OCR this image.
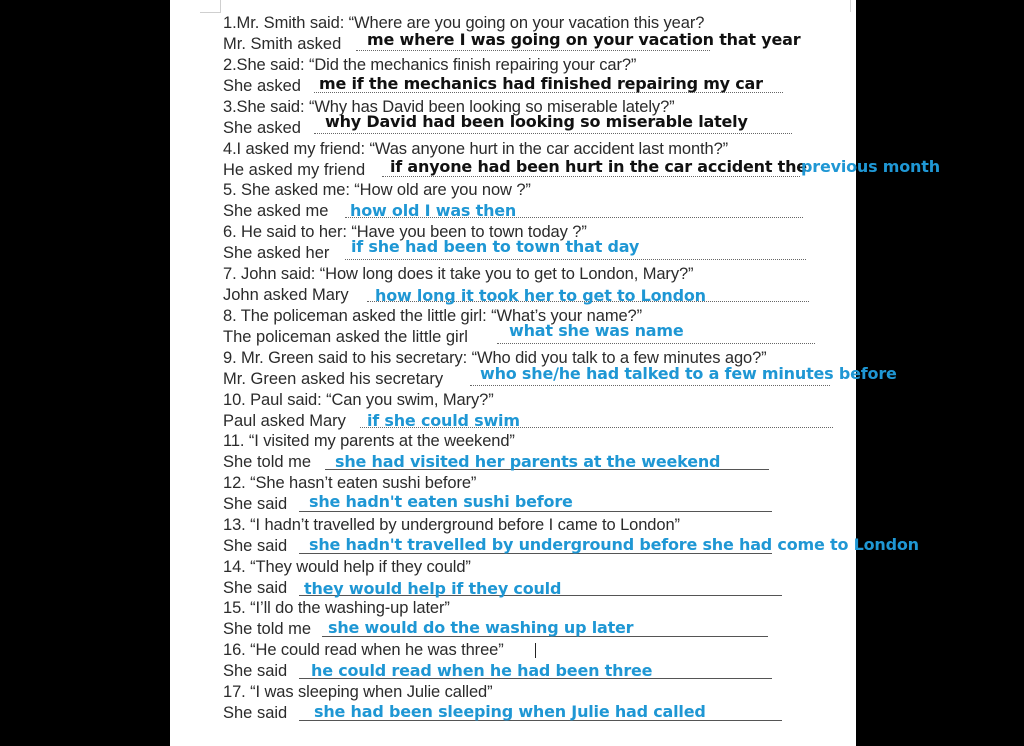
1.Mr. Smith said: “Where are you going on your vacation this year?
Mr. Smith asked me where I was going on your vacation that year
2.She said: “Did the mechanics finish repairing your car?”
She asked me if the mechanics had finished repairing my car
3.She said: “Why has David been looking so miserable lately?”
She asked why David had been looking so miserable lately
4.I asked my friend: “Was anyone hurt in the car accident last month?”
He asked my friend if anyone had been hurt in the car accident the
previous month
5. She asked me: “How old are you now ?”
She asked me how old I was then
6. He said to her: “Have you been to town today ?”
She asked her if she had been to town that day
7. John said: “How long does it take you to get to London, Mary?”
John asked Mary how long it took her to get to London
8. The policeman asked the little girl: “What’s your name?”
The policeman asked the little girl	what she was name
9. Mr. Green said to his secretary: “Who did you talk to a few minutes ago?”
Mr. Green asked his secretary who she/he had talked to a few minutes before
10. Paul said: “Can you swim, Mary?”
Paul asked Mary if she could swim
11. “I visited my parents at the weekend”
She told me she had visited her parents at the weekend
12. “She hasn’t eaten sushi before”
She said she hadn't eaten sushi before
13. “I hadn’t travelled by underground before I came to London”
She said she hadn't travelled by underground before she had come to London
14. “They would help if they could”
She said they would help if they could
15. “I’ll do the washing-up later”
She told me she would do the washing up later
16. “He could read when he was three”
She said he could read when he had been three
17. “I was sleeping when Julie called”
She said she had been sleeping when Julie had called
